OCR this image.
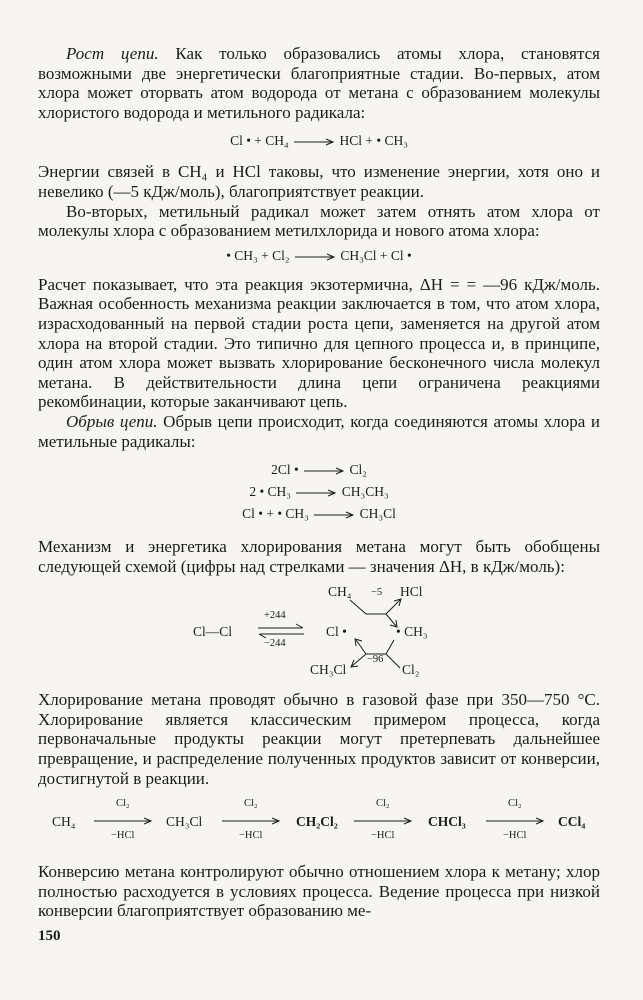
Рост цепи. Как только образовались атомы хлора, становятся возможными две энергетически благоприятные стадии. Во-первых, атом хлора может оторвать атом водорода от метана с образованием молекулы хлористого водорода и метильного радикала:

Cl • + CH₄	HCl + • CH₃

Энергии связей в CH₄ и HCl таковы, что изменение энергии, хотя оно и невелико (—5 кДж/моль), благоприятствует реакции.

Во-вторых, метильный радикал может затем отнять атом хлора от молекулы хлора с образованием метилхлорида и нового атома хлора:

• CH₃ + Cl₂	CH₃Cl + Cl •

Расчет показывает, что эта реакция экзотермична, ΔH = = —96 кДж/моль. Важная особенность механизма реакции заключается в том, что атом хлора, израсходованный на первой стадии роста цепи, заменяется на другой атом хлора на второй стадии. Это типично для цепного процесса и, в принципе, один атом хлора может вызвать хлорирование бесконечного числа молекул метана. В действительности длина цепи ограничена реакциями рекомбинации, которые заканчивают цепь.

Обрыв цепи. Обрыв цепи происходит, когда соединяются атомы хлора и метильные радикалы:

2Cl •	Cl₂
2 • CH₃	CH₃CH₃
Cl • + • CH₃	CH₃Cl

Механизм и энергетика хлорирования метана могут быть обобщены следующей схемой (цифры над стрелками — значения ΔH, в кДж/моль):

Cl—Cl
+244
−244
CH₄	HCl
−5
Cl •	• CH₃
CH₃Cl
−96
Cl₂

Хлорирование метана проводят обычно в газовой фазе при 350—750 °С. Хлорирование является классическим примером процесса, когда первоначальные продукты реакции могут претерпевать дальнейшее превращение, и распределение полученных продуктов зависит от конверсии, достигнутой в реакции.

CH₄
Cl₂
−HCl
CH₃Cl
Cl₂
−HCl
CH₂Cl₂
Cl₂
−HCl
CHCl₃
Cl₂
−HCl
CCl₄

Конверсию метана контролируют обычно отношением хлора к метану; хлор полностью расходуется в условиях процесса. Ведение процесса при низкой конверсии благоприятствует образованию ме-

150
